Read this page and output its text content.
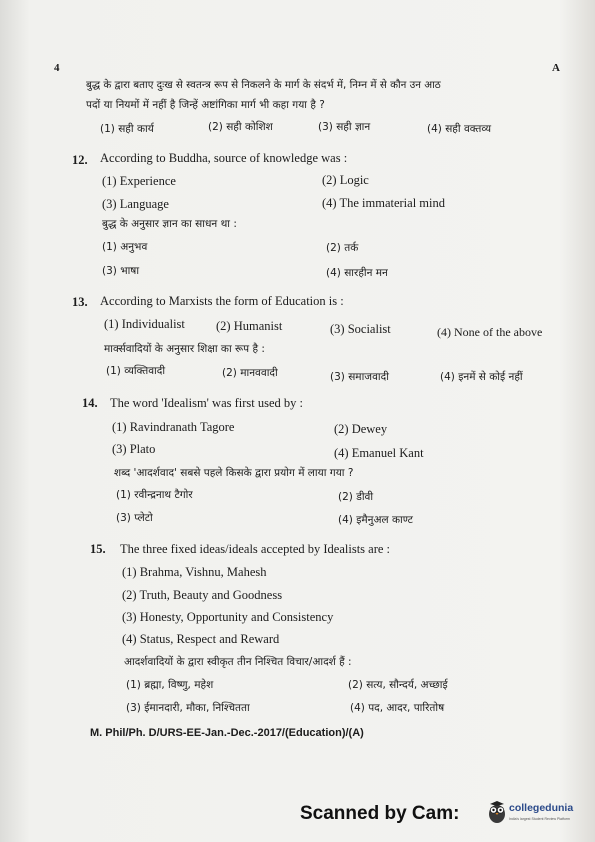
4	A
बुद्ध के द्वारा बताए दुःख से स्वतन्त्र रूप से निकलने के मार्ग के संदर्भ में, निम्न में से कौन उन आठ
पदों या नियमों में नहीं है जिन्हें अष्टांगिका मार्ग भी कहा गया है ?
(1) सही कार्य	(2) सही कोशिश	(3) सही ज्ञान	(4) सही वक्तव्य
12. According to Buddha, source of knowledge was :
(1) Experience	(2) Logic
(3) Language	(4) The immaterial mind
बुद्ध के अनुसार ज्ञान का साधन था :
(1) अनुभव	(2) तर्क
(3) भाषा	(4) सारहीन मन
13. According to Marxists the form of Education is :
(1) Individualist (2) Humanist	(3) Socialist	(4) None of the above
मार्क्सवादियों के अनुसार शिक्षा का रूप है :
(1) व्यक्तिवादी	(2) मानववादी	(3) समाजवादी	(4) इनमें से कोई नहीं
14. The word 'Idealism' was first used by :
(1) Ravindranath Tagore	(2) Dewey
(3) Plato	(4) Emanuel Kant
शब्द 'आदर्शवाद' सबसे पहले किसके द्वारा प्रयोग में लाया गया ?
(1) रवीन्द्रनाथ टैगोर	(2) डीवी
(3) प्लेटो	(4) इमैनुअल काण्ट
15. The three fixed ideas/ideals accepted by Idealists are :
(1) Brahma, Vishnu, Mahesh
(2) Truth, Beauty and Goodness
(3) Honesty, Opportunity and Consistency
(4) Status, Respect and Reward
आदर्शवादियों के द्वारा स्वीकृत तीन निश्चित विचार/आदर्श हैं :
(1) ब्रह्मा, विष्णु, महेश	(2) सत्य, सौन्दर्य, अच्छाई
(3) ईमानदारी, मौका, निश्चितता	(4) पद, आदर, पारितोष
M. Phil/Ph. D/URS-EE-Jan.-Dec.-2017/(Education)/(A)
Scanned by Cam:	collegedunia
India's largest Student Review Platform
